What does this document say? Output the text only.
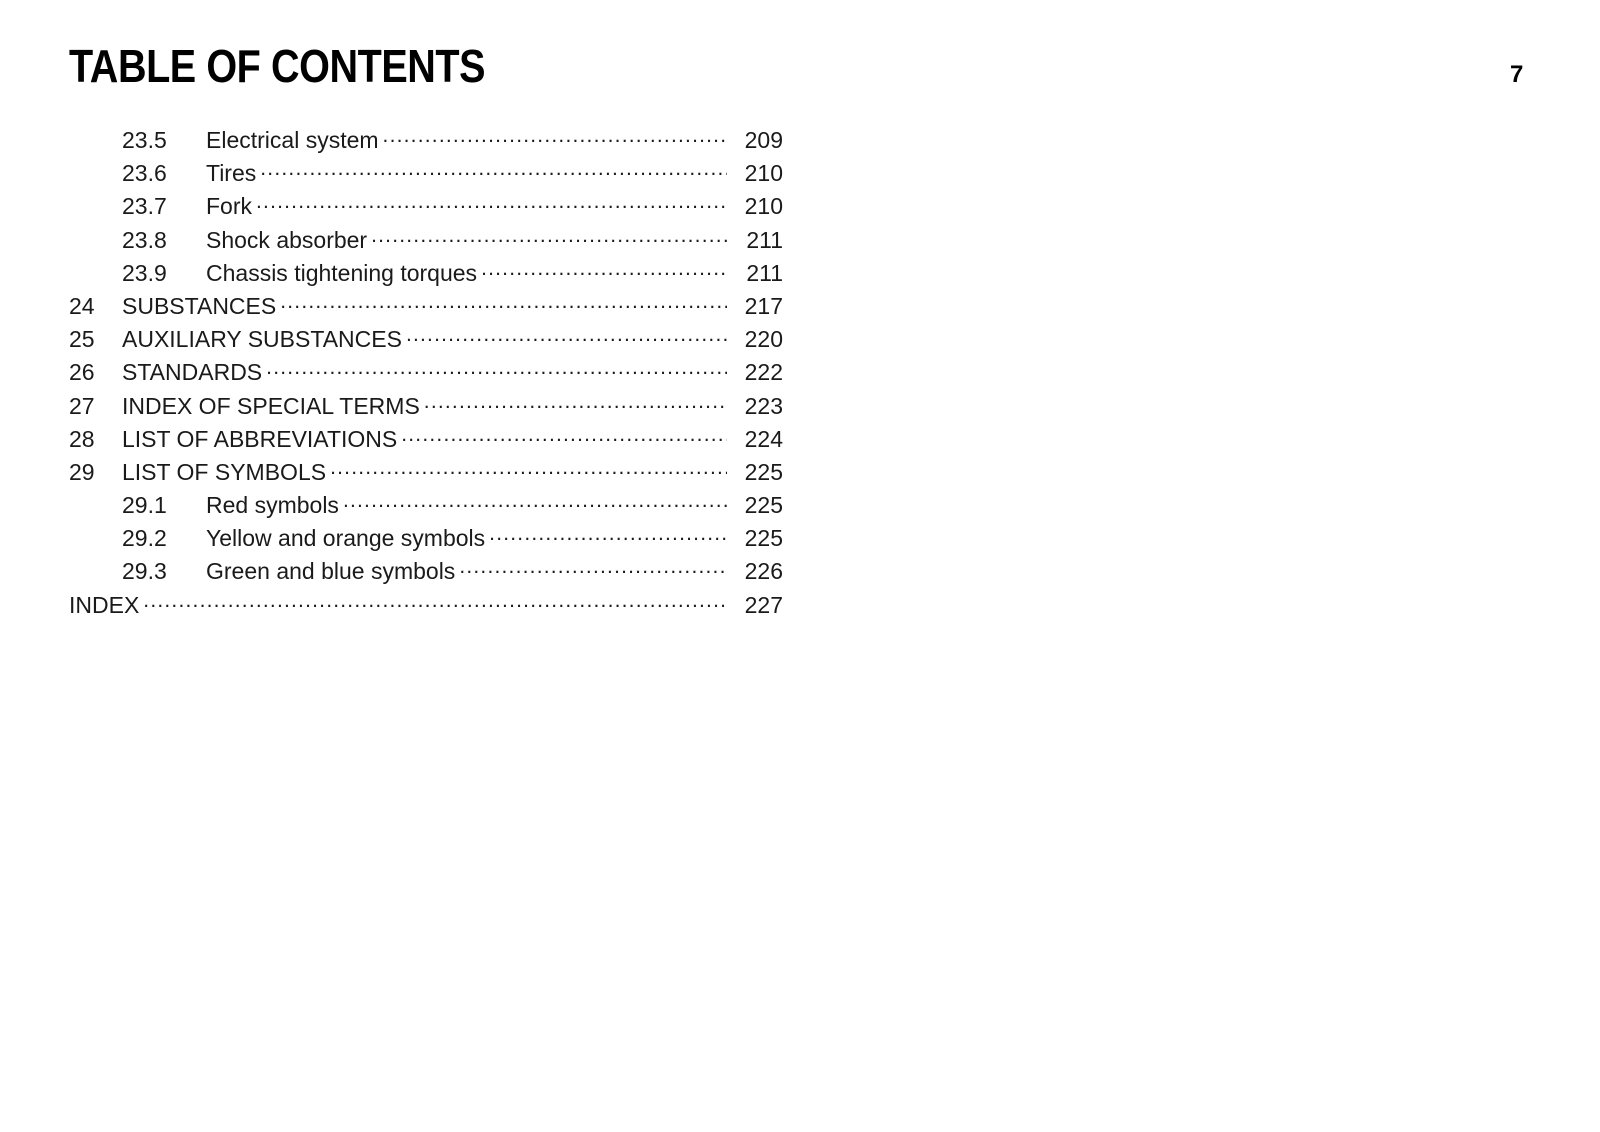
TABLE OF CONTENTS	7
23.5	Electrical system .....	209
23.6	Tires .....	210
23.7	Fork .....	210
23.8	Shock absorber .....	211
23.9	Chassis tightening torques .....	211
24	SUBSTANCES .....	217
25	AUXILIARY SUBSTANCES .....	220
26	STANDARDS .....	222
27	INDEX OF SPECIAL TERMS .....	223
28	LIST OF ABBREVIATIONS .....	224
29	LIST OF SYMBOLS .....	225
29.1	Red symbols .....	225
29.2	Yellow and orange symbols .....	225
29.3	Green and blue symbols .....	226
INDEX .....	227
